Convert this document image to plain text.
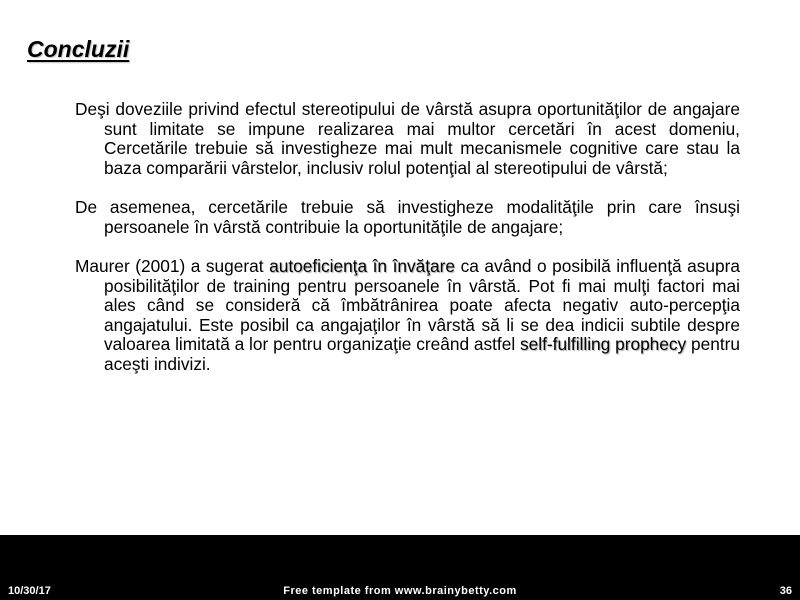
Concluzii

Deşi doveziile privind efectul stereotipului de vârstă asupra oportunităţilor de angajare sunt limitate se impune realizarea mai multor cercetări în acest domeniu, Cercetările trebuie să investigheze mai mult mecanismele cognitive care stau la baza comparării vârstelor, inclusiv rolul potenţial al stereotipului de vârstă;

De asemenea, cercetările trebuie să investigheze modalităţile prin care însuşi persoanele în vârstă contribuie la oportunităţile de angajare;

Maurer (2001) a sugerat autoeficienţa în învăţare ca având o posibilă influenţă asupra posibilităţilor de training pentru persoanele în vârstă. Pot fi mai mulţi factori mai ales când se consideră că îmbătrânirea poate afecta negativ auto-percepţia angajatului. Este posibil ca angajaţilor în vârstă să li se dea indicii subtile despre valoarea limitată a lor pentru organizaţie creând astfel self-fulfilling prophecy pentru aceşti indivizi.

10/30/17	Free template from www.brainybetty.com	36
